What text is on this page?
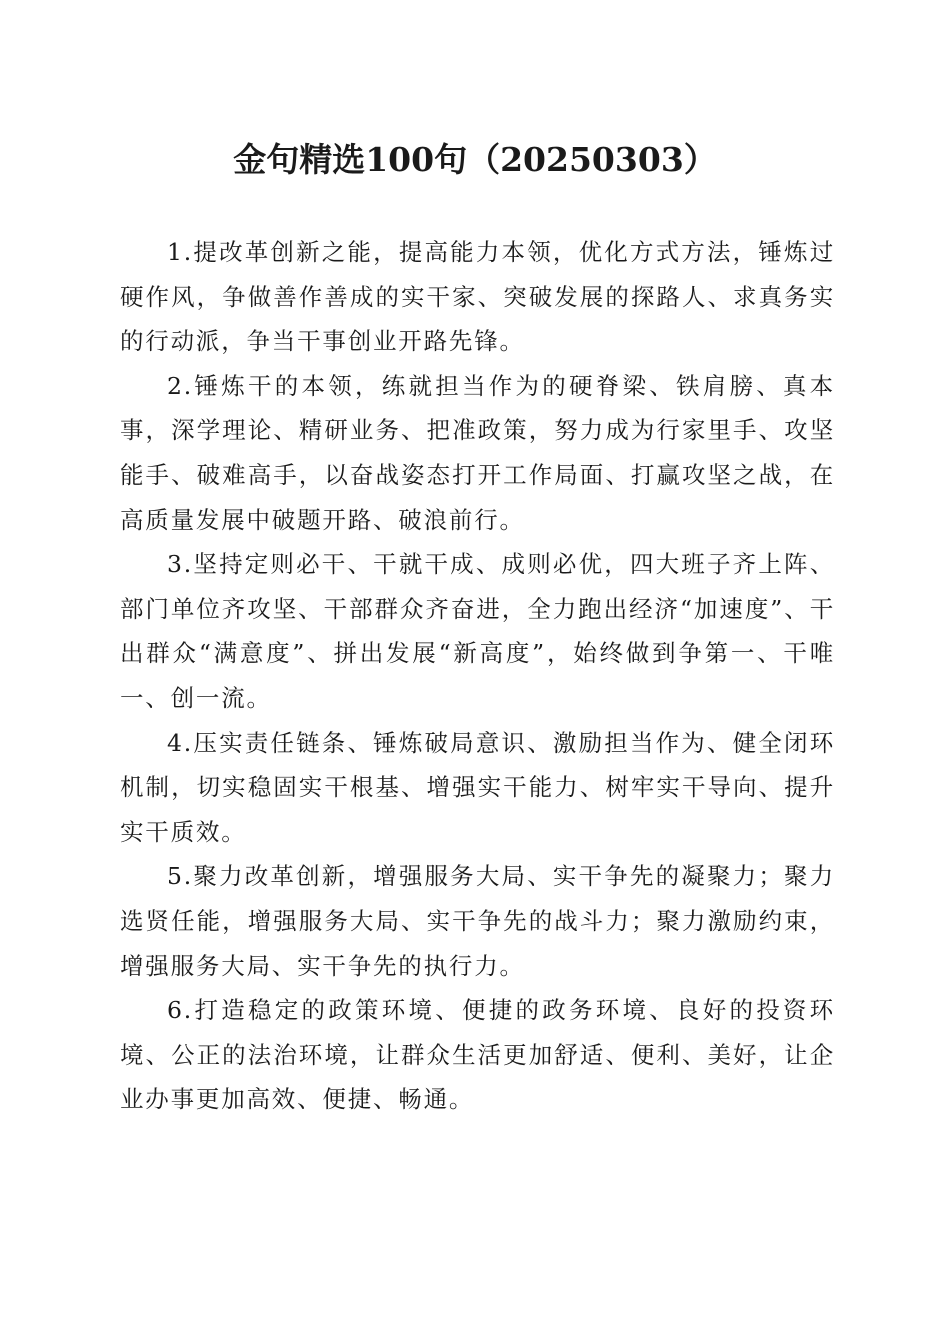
金句精选100句（20250303）

1.提改革创新之能，提高能力本领，优化方式方法，锤炼过硬作风，争做善作善成的实干家、突破发展的探路人、求真务实的行动派，争当干事创业开路先锋。

2.锤炼干的本领，练就担当作为的硬脊梁、铁肩膀、真本事，深学理论、精研业务、把准政策，努力成为行家里手、攻坚能手、破难高手，以奋战姿态打开工作局面、打赢攻坚之战，在高质量发展中破题开路、破浪前行。

3.坚持定则必干、干就干成、成则必优，四大班子齐上阵、部门单位齐攻坚、干部群众齐奋进，全力跑出经济“加速度”、干出群众“满意度”、拼出发展“新高度”，始终做到争第一、干唯一、创一流。

4.压实责任链条、锤炼破局意识、激励担当作为、健全闭环机制，切实稳固实干根基、增强实干能力、树牢实干导向、提升实干质效。

5.聚力改革创新，增强服务大局、实干争先的凝聚力；聚力选贤任能，增强服务大局、实干争先的战斗力；聚力激励约束，增强服务大局、实干争先的执行力。

6.打造稳定的政策环境、便捷的政务环境、良好的投资环境、公正的法治环境，让群众生活更加舒适、便利、美好，让企业办事更加高效、便捷、畅通。
